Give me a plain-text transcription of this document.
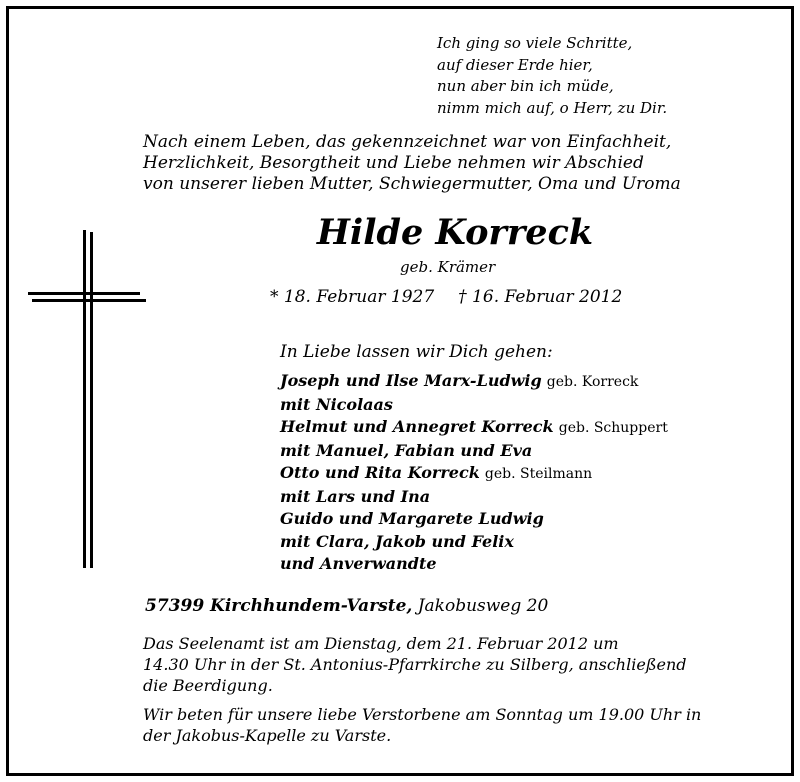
Ich ging so viele Schritte,
auf dieser Erde hier,
nun aber bin ich müde,
nimm mich auf, o Herr, zu Dir.
Nach einem Leben, das gekennzeichnet war von Einfachheit,
Herzlichkeit, Besorgtheit und Liebe nehmen wir Abschied
von unserer lieben Mutter, Schwiegermutter, Oma und Uroma
Hilde Korreck
geb. Krämer
* 18. Februar 1927 † 16. Februar 2012
In Liebe lassen wir Dich gehen:
Joseph und Ilse Marx-Ludwig geb. Korreck
mit Nicolaas
Helmut und Annegret Korreck geb. Schuppert
mit Manuel, Fabian und Eva
Otto und Rita Korreck geb. Steilmann
mit Lars und Ina
Guido und Margarete Ludwig
mit Clara, Jakob und Felix
und Anverwandte
57399 Kirchhundem-Varste, Jakobusweg 20
Das Seelenamt ist am Dienstag, dem 21. Februar 2012 um
14.30 Uhr in der St. Antonius-Pfarrkirche zu Silberg, anschließend
die Beerdigung.
Wir beten für unsere liebe Verstorbene am Sonntag um 19.00 Uhr in
der Jakobus-Kapelle zu Varste.
